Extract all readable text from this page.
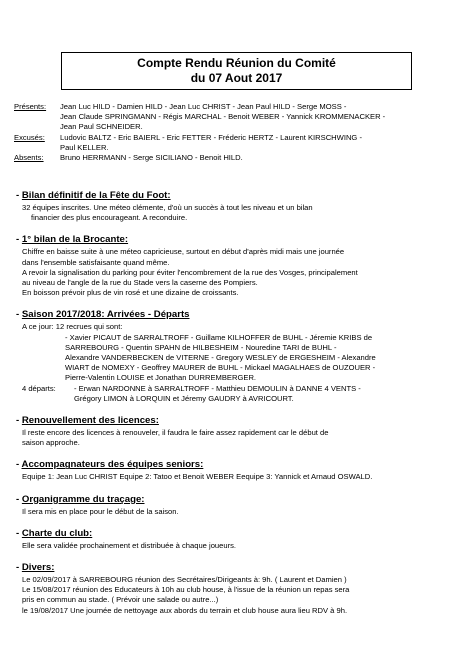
Compte Rendu Réunion du Comité
du 07 Aout 2017
Présents:	Jean Luc HILD - Damien HILD - Jean Luc CHRIST - Jean Paul HILD - Serge MOSS -
Jean Claude SPRINGMANN - Régis MARCHAL - Benoit WEBER - Yannick KROMMENACKER -
Jean Paul SCHNEIDER.
Excusés:	Ludovic BALTZ - Eric BAIERL - Eric FETTER - Fréderic HERTZ - Laurent KIRSCHWING -
Paul KELLER.
Absents:	Bruno HERRMANN - Serge SICILIANO - Benoit HILD.
- Bilan définitif de la Fête du Foot:
32 équipes inscrites. Une méteo clémente, d'où un succès à tout les niveau et un bilan
financier des plus encourageant. A reconduire.
- 1° bilan de la Brocante:
Chiffre en baisse suite à une méteo capricieuse, surtout en début d'après midi mais une journée
dans l'ensemble satisfaisante quand même.
A revoir la signalisation du parking pour éviter l'encombrement de la rue des Vosges, principalement
au niveau de l'angle de la rue du Stade vers la caserne des Pompiers.
En boisson prévoir plus de vin rosé et une dizaine de croissants.
- Saison 2017/2018: Arrivées - Départs
A ce jour: 12 recrues qui sont:
- Xavier PICAUT de SARRALTROFF - Guillame KILHOFFER de BUHL - Jéremie KRIBS de
SARREBOURG - Quentin SPAHN de HILBESHEIM - Nouredine TARI de BUHL -
Alexandre VANDERBECKEN de VITERNE - Gregory WESLEY de ERGESHEIM - Alexandre
WIART de NOMEXY - Geoffrey MAURER de BUHL - Mickael MAGALHAES de OUZOUER -
Pierre-Valentin LOUISE et Jonathan DURREMBERGER.
4 départs:	- Erwan NARDONNE à SARRALTROFF - Matthieu DEMOULIN à DANNE 4 VENTS -
Grégory LIMON à LORQUIN et Jéremy GAUDRY à AVRICOURT.
- Renouvellement des licences:
Il reste encore des licences à renouveler, il faudra le faire assez rapidement car le début de
saison approche.
- Accompagnateurs des équipes seniors:
Equipe 1: Jean Luc CHRIST Equipe 2: Tatoo et Benoit WEBER Eequipe 3: Yannick et Arnaud OSWALD.
- Organigramme du traçage:
Il sera mis en place pour le début de la saison.
- Charte du club:
Elle sera validée prochainement et distribuée à chaque joueurs.
- Divers:
Le 02/09/2017 à SARREBOURG réunion des Secrétaires/Dirigeants à: 9h. ( Laurent et Damien )
Le 15/08/2017 réunion des Educateurs à 10h au club house, à l'issue de la réunion un repas sera
pris en commun au stade. ( Prévoir une salade ou autre...)
le 19/08/2017 Une journée de nettoyage aux abords du terrain et club house aura lieu RDV à 9h.
